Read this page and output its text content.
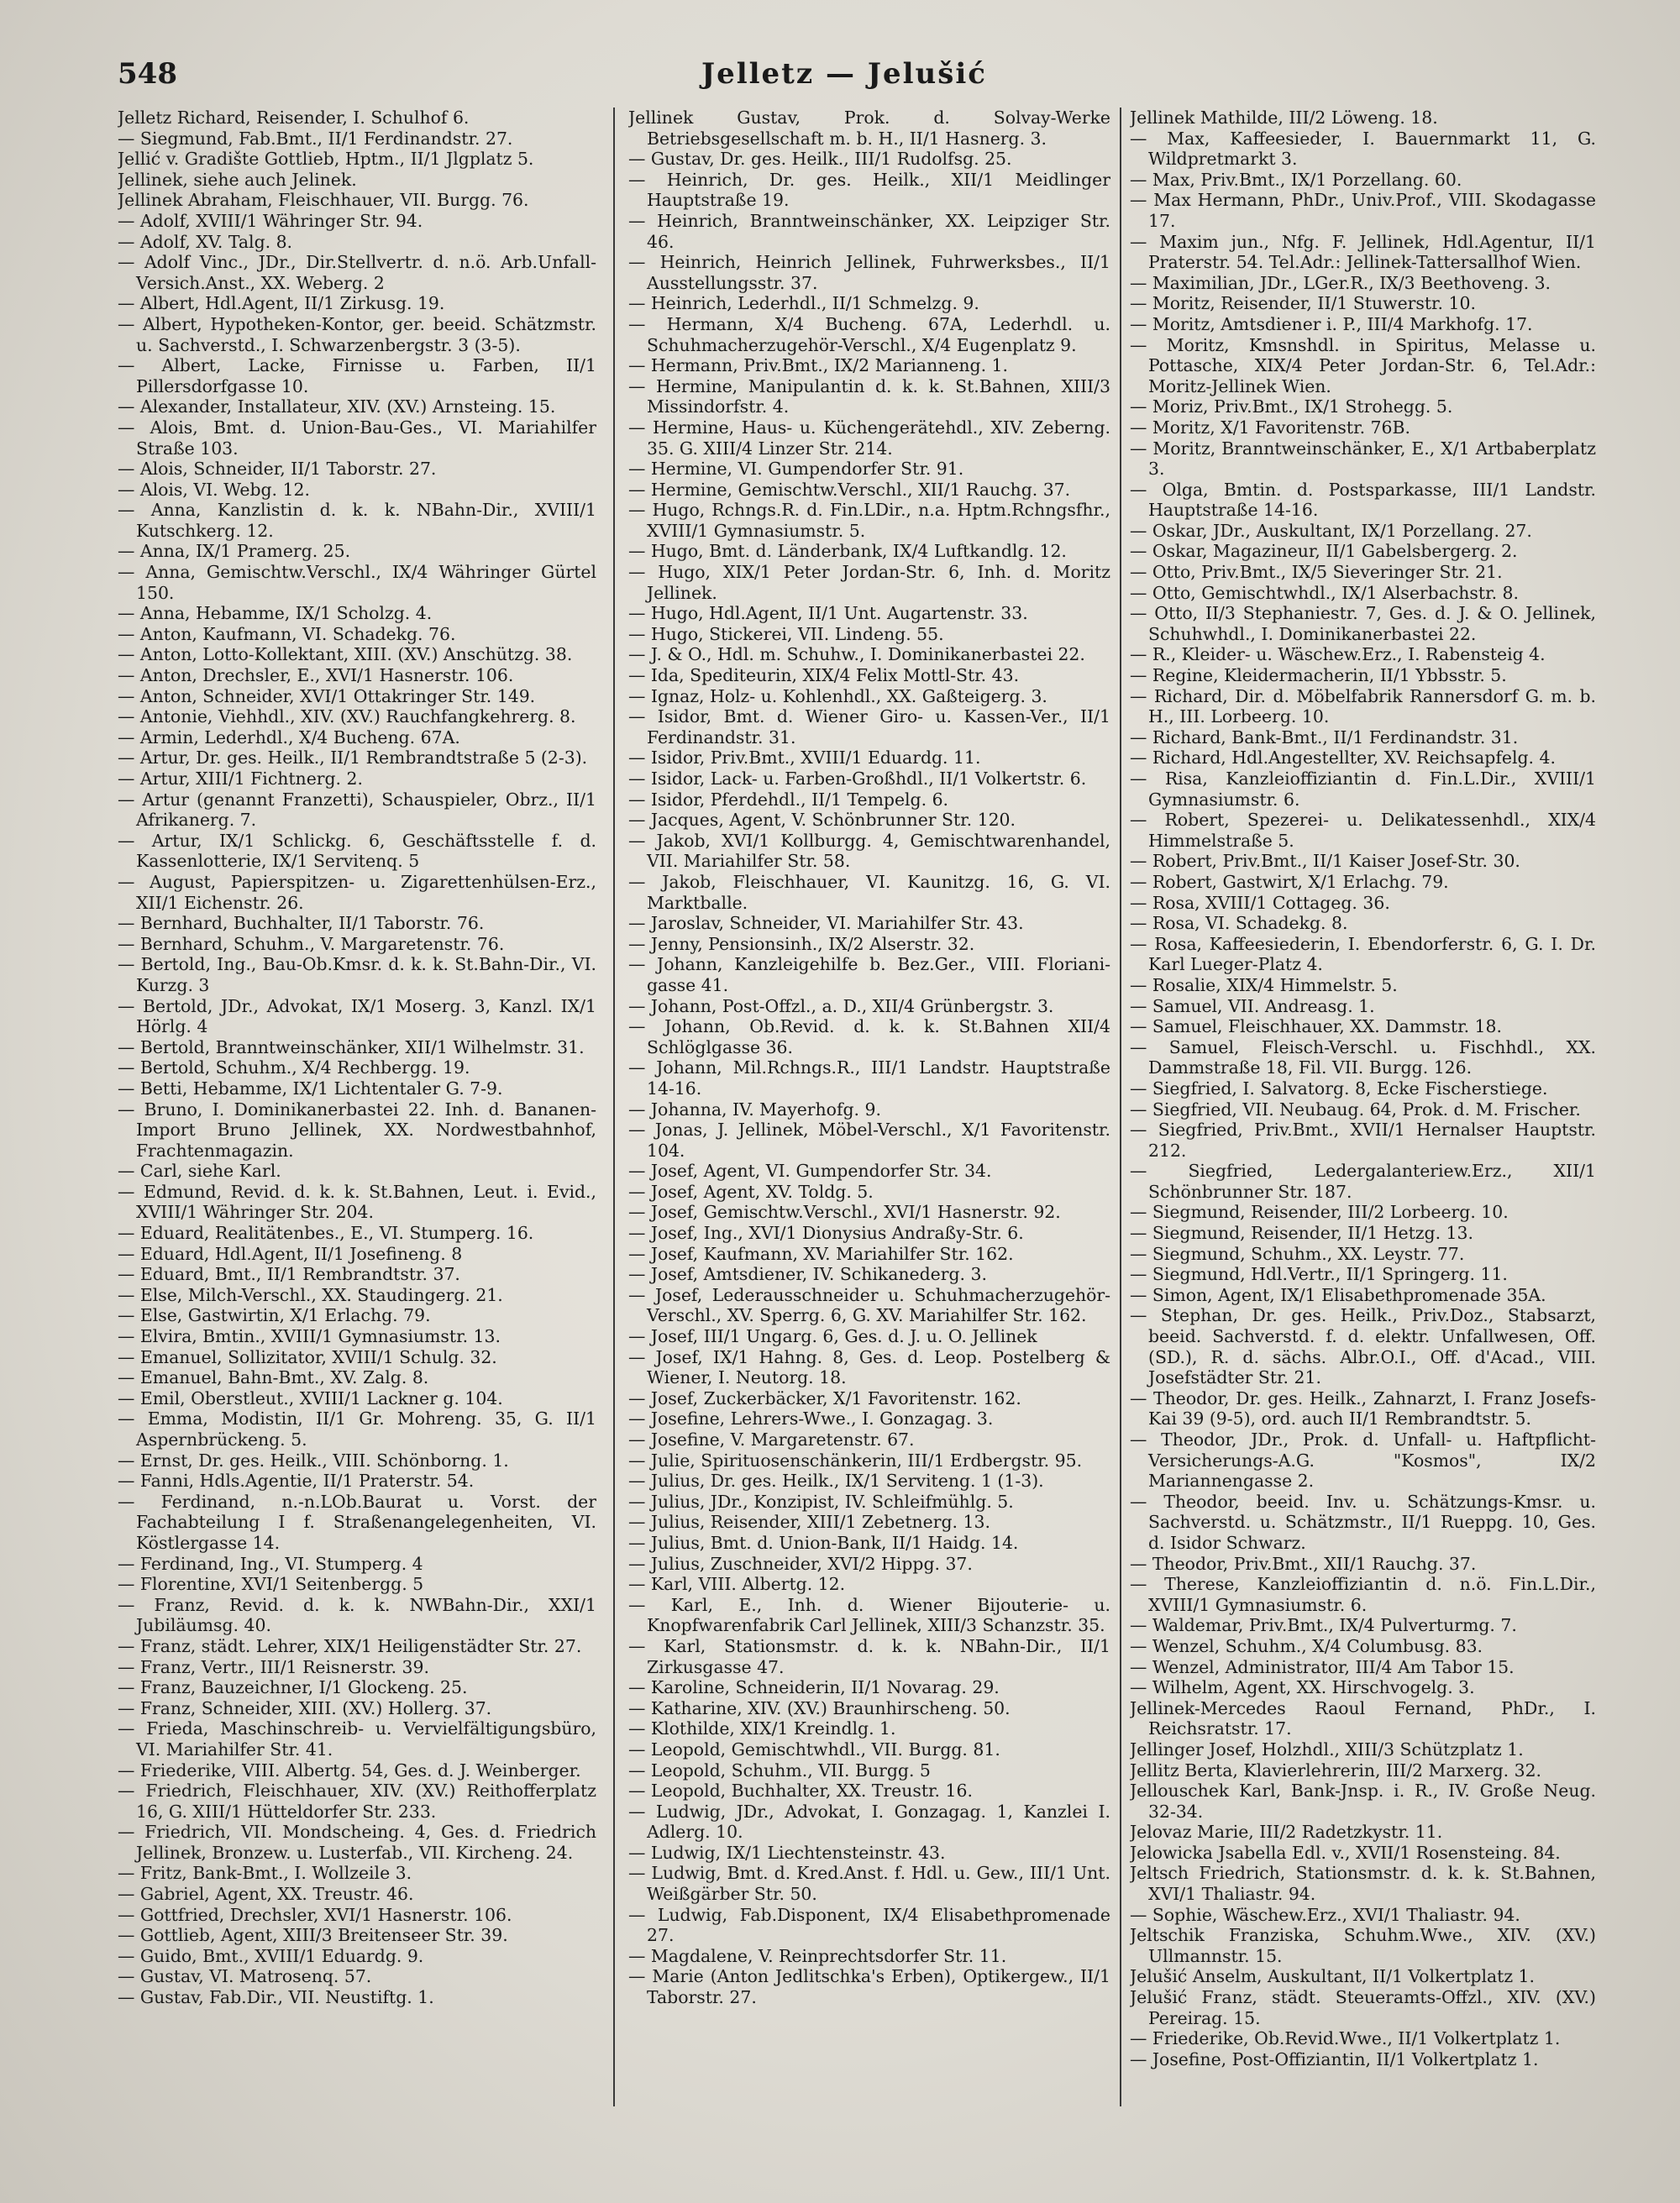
548	Jelletz — Jelušić
Jelletz Richard, Reisender, I. Schulhof 6.
— Siegmund, Fab.Bmt., II/1 Ferdinandstr. 27.
Jellić v. Gradište Gottlieb, Hptm., II/1 Jlgplatz 5.
Jellinek, siehe auch Jelinek.
Jellinek Abraham, Fleischhauer, VII. Burgg. 76.
— Adolf, XVIII/1 Währinger Str. 94.
— Adolf, XV. Talg. 8.
— Adolf Vinc., JDr., Dir.Stellvertr. d. n.ö. Arb.Unfall-Versich.Anst., XX. Weberg. 2
— Albert, Hdl.Agent, II/1 Zirkusg. 19.
— Albert, Hypotheken-Kontor, ger. beeid. Schätzmstr. u. Sachverstd., I. Schwarzenbergstr. 3 (3-5).
— Albert, Lacke, Firnisse u. Farben, II/1 Pillersdorfgasse 10.
— Alexander, Installateur, XIV. (XV.) Arnsteing. 15.
— Alois, Bmt. d. Union-Bau-Ges., VI. Mariahilfer Straße 103.
— Alois, Schneider, II/1 Taborstr. 27.
— Alois, VI. Webg. 12.
— Anna, Kanzlistin d. k. k. NBahn-Dir., XVIII/1 Kutschkerg. 12.
— Anna, IX/1 Pramerg. 25.
— Anna, Gemischtw.Verschl., IX/4 Währinger Gürtel 150.
— Anna, Hebamme, IX/1 Scholzg. 4.
— Anton, Kaufmann, VI. Schadekg. 76.
— Anton, Lotto-Kollektant, XIII. (XV.) Anschützg. 38.
— Anton, Drechsler, E., XVI/1 Hasnerstr. 106.
— Anton, Schneider, XVI/1 Ottakringer Str. 149.
— Antonie, Viehhdl., XIV. (XV.) Rauchfangkehrerg. 8.
— Armin, Lederhdl., X/4 Bucheng. 67A.
— Artur, Dr. ges. Heilk., II/1 Rembrandtstraße 5 (2-3).
— Artur, XIII/1 Fichtnerg. 2.
— Artur (genannt Franzetti), Schauspieler, Obrz., II/1 Afrikanerg. 7.
— Artur, IX/1 Schlickg. 6, Geschäftsstelle f. d. Kassenlotterie, IX/1 Servitenq. 5
— August, Papierspitzen- u. Zigarettenhülsen-Erz., XII/1 Eichenstr. 26.
— Bernhard, Buchhalter, II/1 Taborstr. 76.
— Bernhard, Schuhm., V. Margaretenstr. 76.
— Bertold, Ing., Bau-Ob.Kmsr. d. k. k. St.Bahn-Dir., VI. Kurzg. 3
— Bertold, JDr., Advokat, IX/1 Moserg. 3, Kanzl. IX/1 Hörlg. 4
— Bertold, Branntweinschänker, XII/1 Wilhelmstr. 31.
— Bertold, Schuhm., X/4 Rechbergg. 19.
— Betti, Hebamme, IX/1 Lichtentaler G. 7-9.
— Bruno, I. Dominikanerbastei 22. Inh. d. Bananen-Import Bruno Jellinek, XX. Nordwestbahnhof, Frachtenmagazin.
— Carl, siehe Karl.
— Edmund, Revid. d. k. k. St.Bahnen, Leut. i. Evid., XVIII/1 Währinger Str. 204.
— Eduard, Realitätenbes., E., VI. Stumperg. 16.
— Eduard, Hdl.Agent, II/1 Josefineng. 8
— Eduard, Bmt., II/1 Rembrandtstr. 37.
— Else, Milch-Verschl., XX. Staudingerg. 21.
— Else, Gastwirtin, X/1 Erlachg. 79.
— Elvira, Bmtin., XVIII/1 Gymnasiumstr. 13.
— Emanuel, Sollizitator, XVIII/1 Schulg. 32.
— Emanuel, Bahn-Bmt., XV. Zalg. 8.
— Emil, Oberstleut., XVIII/1 Lackner g. 104.
— Emma, Modistin, II/1 Gr. Mohreng. 35, G. II/1 Aspernbrückeng. 5.
— Ernst, Dr. ges. Heilk., VIII. Schönborng. 1.
— Fanni, Hdls.Agentie, II/1 Praterstr. 54.
— Ferdinand, n.-n.LOb.Baurat u. Vorst. der Fachabteilung I f. Straßenangelegenheiten, VI. Köstlergasse 14.
— Ferdinand, Ing., VI. Stumperg. 4
— Florentine, XVI/1 Seitenbergg. 5
— Franz, Revid. d. k. k. NWBahn-Dir., XXI/1 Jubiläumsg. 40.
— Franz, städt. Lehrer, XIX/1 Heiligenstädter Str. 27.
— Franz, Vertr., III/1 Reisnerstr. 39.
— Franz, Bauzeichner, I/1 Glockeng. 25.
— Franz, Schneider, XIII. (XV.) Hollerg. 37.
— Frieda, Maschinschreib- u. Vervielfältigungsbüro, VI. Mariahilfer Str. 41.
— Friederike, VIII. Albertg. 54, Ges. d. J. Weinberger.
— Friedrich, Fleischhauer, XIV. (XV.) Reithofferplatz 16, G. XIII/1 Hütteldorfer Str. 233.
— Friedrich, VII. Mondscheing. 4, Ges. d. Friedrich Jellinek, Bronzew. u. Lusterfab., VII. Kircheng. 24.
— Fritz, Bank-Bmt., I. Wollzeile 3.
— Gabriel, Agent, XX. Treustr. 46.
— Gottfried, Drechsler, XVI/1 Hasnerstr. 106.
— Gottlieb, Agent, XIII/3 Breitenseer Str. 39.
— Guido, Bmt., XVIII/1 Eduardg. 9.
— Gustav, VI. Matrosenq. 57.
— Gustav, Fab.Dir., VII. Neustiftg. 1.
Jellinek Gustav, Prok. d. Solvay-Werke Betriebsgesellschaft m. b. H., II/1 Hasnerg. 3.
— Gustav, Dr. ges. Heilk., III/1 Rudolfsg. 25.
— Heinrich, Dr. ges. Heilk., XII/1 Meidlinger Hauptstraße 19.
— Heinrich, Branntweinschänker, XX. Leipziger Str. 46.
— Heinrich, Heinrich Jellinek, Fuhrwerksbes., II/1 Ausstellungsstr. 37.
— Heinrich, Lederhdl., II/1 Schmelzg. 9.
— Hermann, X/4 Bucheng. 67A, Lederhdl. u. Schuhmacherzugehör-Verschl., X/4 Eugenplatz 9.
— Hermann, Priv.Bmt., IX/2 Marianneng. 1.
— Hermine, Manipulantin d. k. k. St.Bahnen, XIII/3 Missindorfstr. 4.
— Hermine, Haus- u. Küchengerätehdl., XIV. Zeberng. 35. G. XIII/4 Linzer Str. 214.
— Hermine, VI. Gumpendorfer Str. 91.
— Hermine, Gemischtw.Verschl., XII/1 Rauchg. 37.
— Hugo, Rchngs.R. d. Fin.LDir., n.a. Hptm.Rchngsfhr., XVIII/1 Gymnasiumstr. 5.
— Hugo, Bmt. d. Länderbank, IX/4 Luftkandlg. 12.
— Hugo, XIX/1 Peter Jordan-Str. 6, Inh. d. Moritz Jellinek.
— Hugo, Hdl.Agent, II/1 Unt. Augartenstr. 33.
— Hugo, Stickerei, VII. Lindeng. 55.
— J. & O., Hdl. m. Schuhw., I. Dominikanerbastei 22.
— Ida, Spediteurin, XIX/4 Felix Mottl-Str. 43.
— Ignaz, Holz- u. Kohlenhdl., XX. Gaßteigerg. 3.
— Isidor, Bmt. d. Wiener Giro- u. Kassen-Ver., II/1 Ferdinandstr. 31.
— Isidor, Priv.Bmt., XVIII/1 Eduardg. 11.
— Isidor, Lack- u. Farben-Großhdl., II/1 Volkertstr. 6.
— Isidor, Pferdehdl., II/1 Tempelg. 6.
— Jacques, Agent, V. Schönbrunner Str. 120.
— Jakob, XVI/1 Kollburgg. 4, Gemischtwarenhandel, VII. Mariahilfer Str. 58.
— Jakob, Fleischhauer, VI. Kaunitzg. 16, G. VI. Marktballe.
— Jaroslav, Schneider, VI. Mariahilfer Str. 43.
— Jenny, Pensionsinh., IX/2 Alserstr. 32.
— Johann, Kanzleigehilfe b. Bez.Ger., VIII. Floriani-gasse 41.
— Johann, Post-Offzl., a. D., XII/4 Grünbergstr. 3.
— Johann, Ob.Revid. d. k. k. St.Bahnen XII/4 Schlöglgasse 36.
— Johann, Mil.Rchngs.R., III/1 Landstr. Hauptstraße 14-16.
— Johanna, IV. Mayerhofg. 9.
— Jonas, J. Jellinek, Möbel-Verschl., X/1 Favoritenstr. 104.
— Josef, Agent, VI. Gumpendorfer Str. 34.
— Josef, Agent, XV. Toldg. 5.
— Josef, Gemischtw.Verschl., XVI/1 Hasnerstr. 92.
— Josef, Ing., XVI/1 Dionysius Andraßy-Str. 6.
— Josef, Kaufmann, XV. Mariahilfer Str. 162.
— Josef, Amtsdiener, IV. Schikanederg. 3.
— Josef, Lederausschneider u. Schuhmacherzugehör-Verschl., XV. Sperrg. 6, G. XV. Mariahilfer Str. 162.
— Josef, III/1 Ungarg. 6, Ges. d. J. u. O. Jellinek
— Josef, IX/1 Hahng. 8, Ges. d. Leop. Postelberg & Wiener, I. Neutorg. 18.
— Josef, Zuckerbäcker, X/1 Favoritenstr. 162.
— Josefine, Lehrers-Wwe., I. Gonzagag. 3.
— Josefine, V. Margaretenstr. 67.
— Julie, Spirituosenschänkerin, III/1 Erdbergstr. 95.
— Julius, Dr. ges. Heilk., IX/1 Serviteng. 1 (1-3).
— Julius, JDr., Konzipist, IV. Schleifmühlg. 5.
— Julius, Reisender, XIII/1 Zebetnerg. 13.
— Julius, Bmt. d. Union-Bank, II/1 Haidg. 14.
— Julius, Zuschneider, XVI/2 Hippg. 37.
— Karl, VIII. Albertg. 12.
— Karl, E., Inh. d. Wiener Bijouterie- u. Knopfwarenfabrik Carl Jellinek, XIII/3 Schanzstr. 35.
— Karl, Stationsmstr. d. k. k. NBahn-Dir., II/1 Zirkusgasse 47.
— Karoline, Schneiderin, II/1 Novarag. 29.
— Katharine, XIV. (XV.) Braunhirscheng. 50.
— Klothilde, XIX/1 Kreindlg. 1.
— Leopold, Gemischtwhdl., VII. Burgg. 81.
— Leopold, Schuhm., VII. Burgg. 5
— Leopold, Buchhalter, XX. Treustr. 16.
— Ludwig, JDr., Advokat, I. Gonzagag. 1, Kanzlei I. Adlerg. 10.
— Ludwig, IX/1 Liechtensteinstr. 43.
— Ludwig, Bmt. d. Kred.Anst. f. Hdl. u. Gew., III/1 Unt. Weißgärber Str. 50.
— Ludwig, Fab.Disponent, IX/4 Elisabethpromenade 27.
— Magdalene, V. Reinprechtsdorfer Str. 11.
— Marie (Anton Jedlitschka's Erben), Optikergew., II/1 Taborstr. 27.
Jellinek Mathilde, III/2 Löweng. 18.
— Max, Kaffeesieder, I. Bauernmarkt 11, G. Wildpretmarkt 3.
— Max, Priv.Bmt., IX/1 Porzellang. 60.
— Max Hermann, PhDr., Univ.Prof., VIII. Skodagasse 17.
— Maxim jun., Nfg. F. Jellinek, Hdl.Agentur, II/1 Praterstr. 54. Tel.Adr.: Jellinek-Tattersallhof Wien.
— Maximilian, JDr., LGer.R., IX/3 Beethoveng. 3.
— Moritz, Reisender, II/1 Stuwerstr. 10.
— Moritz, Amtsdiener i. P., III/4 Markhofg. 17.
— Moritz, Kmsnshdl. in Spiritus, Melasse u. Pottasche, XIX/4 Peter Jordan-Str. 6, Tel.Adr.: Moritz-Jellinek Wien.
— Moriz, Priv.Bmt., IX/1 Strohegg. 5.
— Moritz, X/1 Favoritenstr. 76B.
— Moritz, Branntweinschänker, E., X/1 Artbaberplatz 3.
— Olga, Bmtin. d. Postsparkasse, III/1 Landstr. Hauptstraße 14-16.
— Oskar, JDr., Auskultant, IX/1 Porzellang. 27.
— Oskar, Magazineur, II/1 Gabelsbergerg. 2.
— Otto, Priv.Bmt., IX/5 Sieveringer Str. 21.
— Otto, Gemischtwhdl., IX/1 Alserbachstr. 8.
— Otto, II/3 Stephaniestr. 7, Ges. d. J. & O. Jellinek, Schuhwhdl., I. Dominikanerbastei 22.
— R., Kleider- u. Wäschew.Erz., I. Rabensteig 4.
— Regine, Kleidermacherin, II/1 Ybbsstr. 5.
— Richard, Dir. d. Möbelfabrik Rannersdorf G. m. b. H., III. Lorbeerg. 10.
— Richard, Bank-Bmt., II/1 Ferdinandstr. 31.
— Richard, Hdl.Angestellter, XV. Reichsapfelg. 4.
— Risa, Kanzleioffiziantin d. Fin.L.Dir., XVIII/1 Gymnasiumstr. 6.
— Robert, Spezerei- u. Delikatessenhdl., XIX/4 Himmelstraße 5.
— Robert, Priv.Bmt., II/1 Kaiser Josef-Str. 30.
— Robert, Gastwirt, X/1 Erlachg. 79.
— Rosa, XVIII/1 Cottageg. 36.
— Rosa, VI. Schadekg. 8.
— Rosa, Kaffeesiederin, I. Ebendorferstr. 6, G. I. Dr. Karl Lueger-Platz 4.
— Rosalie, XIX/4 Himmelstr. 5.
— Samuel, VII. Andreasg. 1.
— Samuel, Fleischhauer, XX. Dammstr. 18.
— Samuel, Fleisch-Verschl. u. Fischhdl., XX. Dammstraße 18, Fil. VII. Burgg. 126.
— Siegfried, I. Salvatorg. 8, Ecke Fischerstiege.
— Siegfried, VII. Neubaug. 64, Prok. d. M. Frischer.
— Siegfried, Priv.Bmt., XVII/1 Hernalser Hauptstr. 212.
— Siegfried, Ledergalanteriew.Erz., XII/1 Schönbrunner Str. 187.
— Siegmund, Reisender, III/2 Lorbeerg. 10.
— Siegmund, Reisender, II/1 Hetzg. 13.
— Siegmund, Schuhm., XX. Leystr. 77.
— Siegmund, Hdl.Vertr., II/1 Springerg. 11.
— Simon, Agent, IX/1 Elisabethpromenade 35A.
— Stephan, Dr. ges. Heilk., Priv.Doz., Stabsarzt, beeid. Sachverstd. f. d. elektr. Unfallwesen, Off. (SD.), R. d. sächs. Albr.O.I., Off. d'Acad., VIII. Josefstädter Str. 21.
— Theodor, Dr. ges. Heilk., Zahnarzt, I. Franz Josefs-Kai 39 (9-5), ord. auch II/1 Rembrandtstr. 5.
— Theodor, JDr., Prok. d. Unfall- u. Haftpflicht-Versicherungs-A.G. "Kosmos", IX/2 Mariannengasse 2.
— Theodor, beeid. Inv. u. Schätzungs-Kmsr. u. Sachverstd. u. Schätzmstr., II/1 Rueppg. 10, Ges. d. Isidor Schwarz.
— Theodor, Priv.Bmt., XII/1 Rauchg. 37.
— Therese, Kanzleioffiziantin d. n.ö. Fin.L.Dir., XVIII/1 Gymnasiumstr. 6.
— Waldemar, Priv.Bmt., IX/4 Pulverturmg. 7.
— Wenzel, Schuhm., X/4 Columbusg. 83.
— Wenzel, Administrator, III/4 Am Tabor 15.
— Wilhelm, Agent, XX. Hirschvogelg. 3.
Jellinek-Mercedes Raoul Fernand, PhDr., I. Reichsratstr. 17.
Jellinger Josef, Holzhdl., XIII/3 Schützplatz 1.
Jellitz Berta, Klavierlehrerin, III/2 Marxerg. 32.
Jellouschek Karl, Bank-Jnsp. i. R., IV. Große Neug. 32-34.
Jelovaz Marie, III/2 Radetzkystr. 11.
Jelowicka Jsabella Edl. v., XVII/1 Rosensteing. 84.
Jeltsch Friedrich, Stationsmstr. d. k. k. St.Bahnen, XVI/1 Thaliastr. 94.
— Sophie, Wäschew.Erz., XVI/1 Thaliastr. 94.
Jeltschik Franziska, Schuhm.Wwe., XIV. (XV.) Ullmannstr. 15.
Jelušić Anselm, Auskultant, II/1 Volkertplatz 1.
Jelušić Franz, städt. Steueramts-Offzl., XIV. (XV.) Pereirag. 15.
— Friederike, Ob.Revid.Wwe., II/1 Volkertplatz 1.
— Josefine, Post-Offiziantin, II/1 Volkertplatz 1.
